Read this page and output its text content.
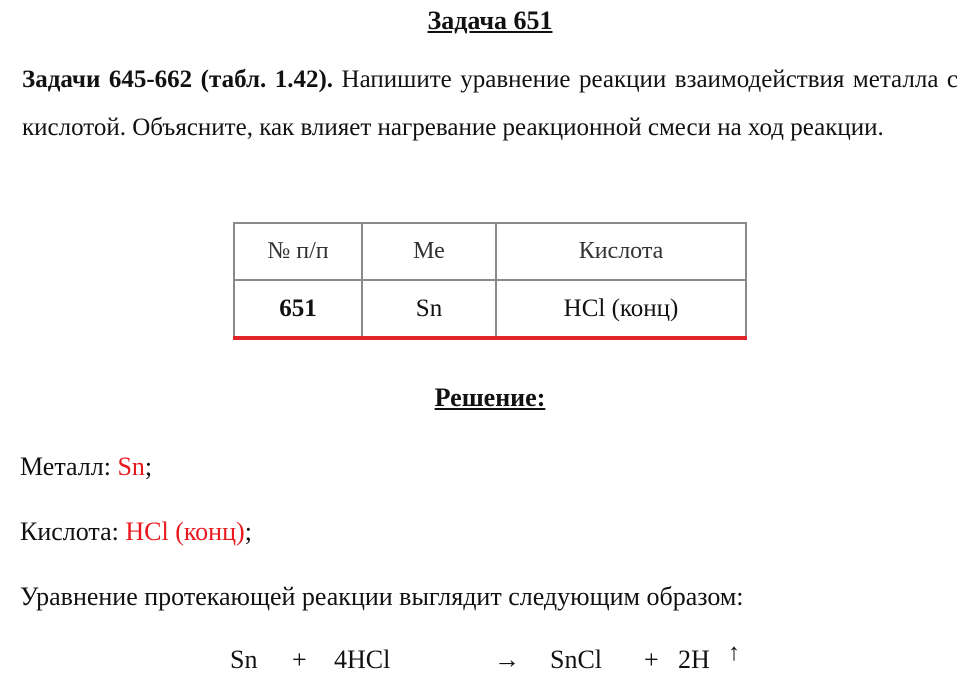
Задача 651
Задачи 645-662 (табл. 1.42). Напишите уравнение реакции взаимодействия металла с кислотой. Объясните, как влияет нагревание реакционной смеси на ход реакции.
№ п/п	Ме	Кислота
651	Sn	HCl (конц)
Решение:
Металл: Sn;
Кислота: HCl (конц);
Уравнение протекающей реакции выглядит следующим образом:
Sn + 4HCl	→ SnCl + 2H ↑
